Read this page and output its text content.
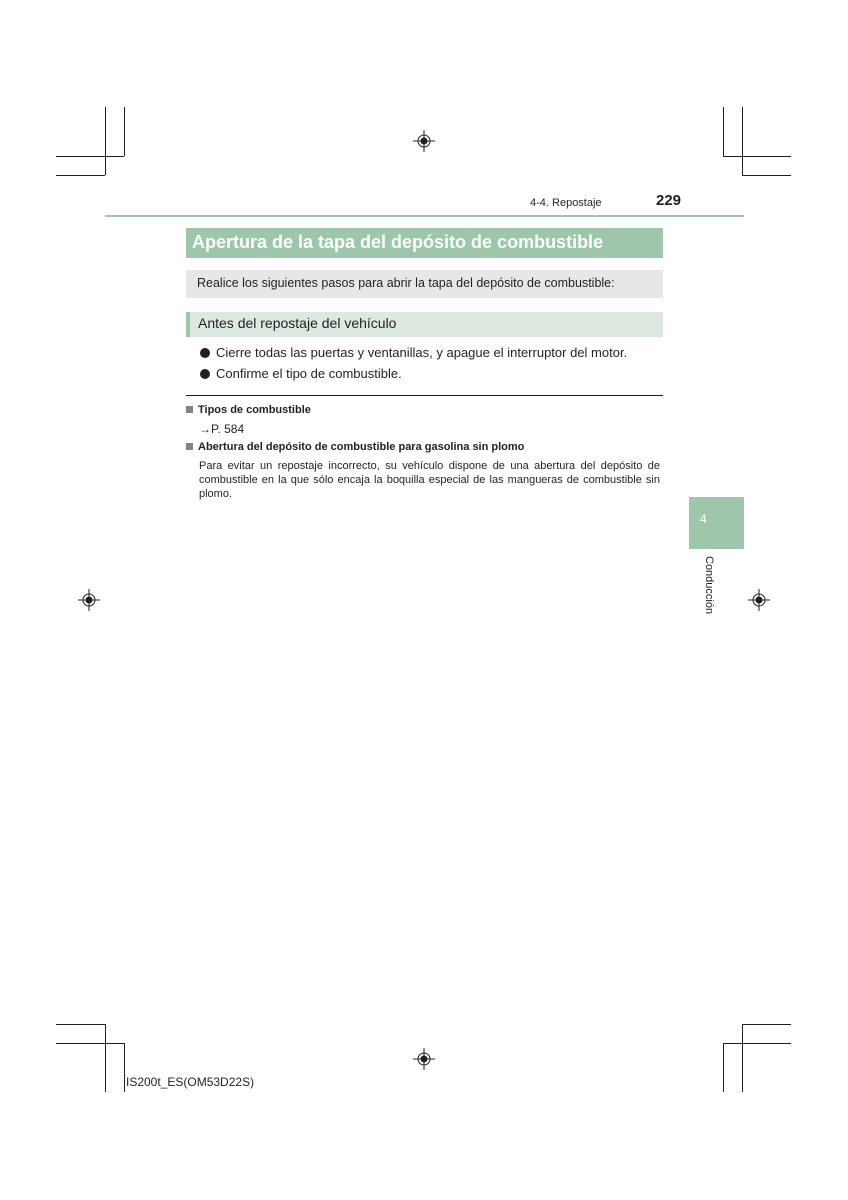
4-4. Repostaje	229
Apertura de la tapa del depósito de combustible
Realice los siguientes pasos para abrir la tapa del depósito de combustible:
Antes del repostaje del vehículo
Cierre todas las puertas y ventanillas, y apague el interruptor del motor.
Confirme el tipo de combustible.
Tipos de combustible
→P. 584
Abertura del depósito de combustible para gasolina sin plomo
Para evitar un repostaje incorrecto, su vehículo dispone de una abertura del depósito de combustible en la que sólo encaja la boquilla especial de las mangueras de combustible sin plomo.
4
Conducción
IS200t_ES(OM53D22S)
